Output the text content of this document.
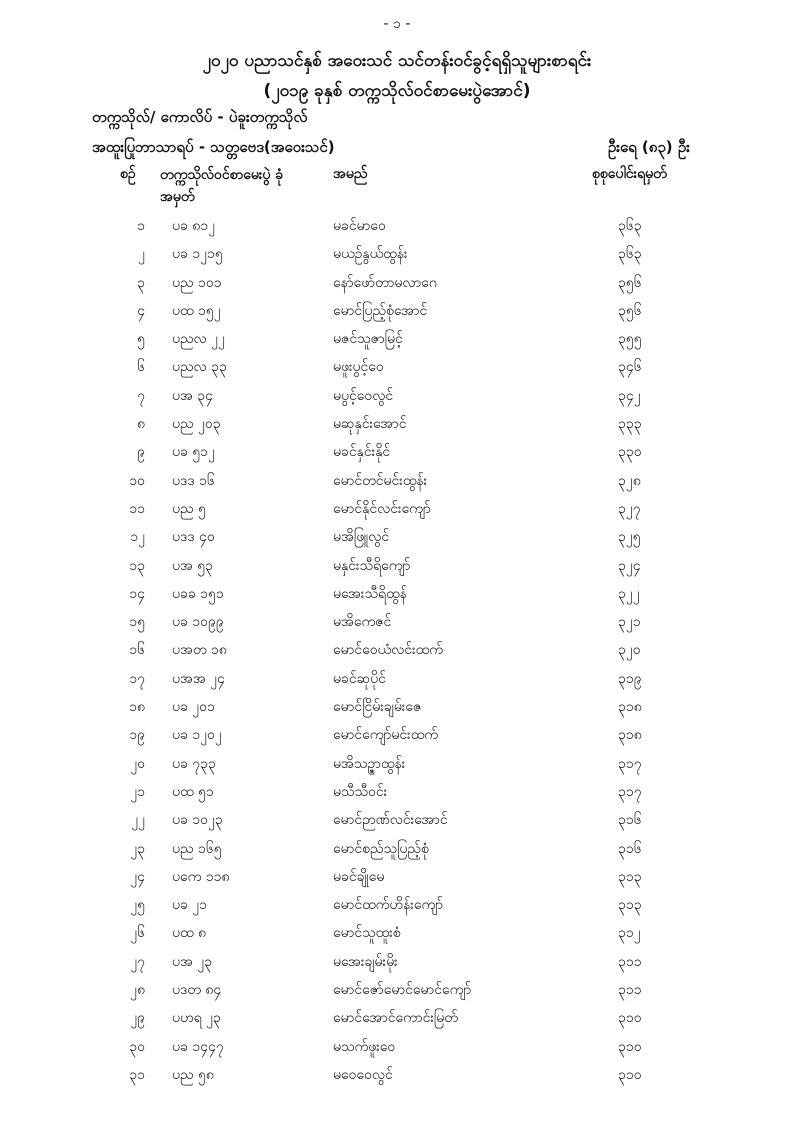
- ၁ -
၂၀၂၀ ပညာသင်နှစ် အဝေးသင် သင်တန်းဝင်ခွင့်ရရှိသူများစာရင်း
(၂၀၁၉ ခုနှစ် တက္ကသိုလ်ဝင်စာမေးပွဲအောင်)
တက္ကသိုလ်/ ကောလိပ် - ပဲခူးတက္ကသိုလ်
အထူးပြုဘာသာရပ် - သတ္တဗေဒ(အဝေးသင်)	ဦးရေ (၈၃) ဦး
စဉ် တက္ကသိုလ်ဝင်စာမေးပွဲ ခုံအမှတ်
အမည်	စုစုပေါင်းရမှတ်
၁ ပခ ၈၁၂	မခင်မာဝေ	၃၆၃
၂ ပခ ၁၂၁၅	မယဉ်နွယ်ထွန်း	၃၆၃
၃ ပည ၁၀၁	နော်ဖော်တာမလာဂေ	၃၅၆
၄ ပထ ၁၅၂	မောင်ပြည့်စုံအောင်	၃၅၆
၅ ပညလ ၂၂	မဇင်သူဇာမြင့်	၃၅၅
၆ ပညလ ၃၃	မဖူးပွင့်ဝေ	၃၄၆
၇ ပအ ၃၄	မပွင့်ဝေလွင်	၃၄၂
၈ ပည ၂၀၃	မဆုနှင်းအောင်	၃၃၃
၉ ပခ ၅၁၂	မခင်နှင်းနိုင်	၃၃၀
၁၀ ပဒဒ ၁၆	မောင်တင်မင်းထွန်း	၃၂၈
၁၁ ပည ၅	မောင်နိုင်လင်းကျော်	၃၂၇
၁၂ ပဒဒ ၄၀	မအိဖြူလွင်	၃၂၅
၁၃ ပအ ၅၃	မနှင်းသီရိကျော်	၃၂၄
၁၄ ပခခ ၁၅၁	မအေးသီရိထွန်	၃၂၂
၁၅ ပခ ၁၀၉၉	မအိကေဇင်	၃၂၁
၁၆ ပအတ ၁၈	မောင်ဝေယံလင်းထက်	၃၂၀
၁၇ ပအအ ၂၄	မခင်ဆုပိုင်	၃၁၉
၁၈ ပခ ၂၀၁	မောင်ငြိမ်းချမ်းဇေ	၃၁၈
၁၉ ပခ ၁၂၀၂	မောင်ကျော်မင်းထက်	၃၁၈
၂၀ ပခ ၇၃၃	မအိသဉ္ဇာထွန်း	၃၁၇
၂၁ ပထ ၅၁	မသီသီဝင်း	၃၁၇
၂၂ ပခ ၁၀၂၃	မောင်ဉာဏ်လင်းအောင်	၃၁၆
၂၃ ပည ၁၆၅	မောင်စည်သူပြည့်စုံ	၃၁၆
၂၄ ပကေ ၁၁၈	မခင်ချိုမေ	၃၁၃
၂၅ ပခ ၂၁	မောင်ထက်ဟိန်းကျော်	၃၁၃
၂၆ ပထ ၈	မောင်သူထူးစံ	၃၁၂
၂၇ ပအ ၂၃	မအေးချမ်းမိုး	၃၁၁
၂၈ ပဒတ ၈၄	မောင်ဇော်မောင်မောင်ကျော်	၃၁၁
၂၉ ပဟရ ၂၃	မောင်အောင်ကောင်းမြတ်	၃၁၀
၃၀ ပခ ၁၄၄၇	မသက်ဖူးဝေ	၃၁၀
၃၁ ပည ၅၈	မဝေဝေလွင်	၃၁၀
